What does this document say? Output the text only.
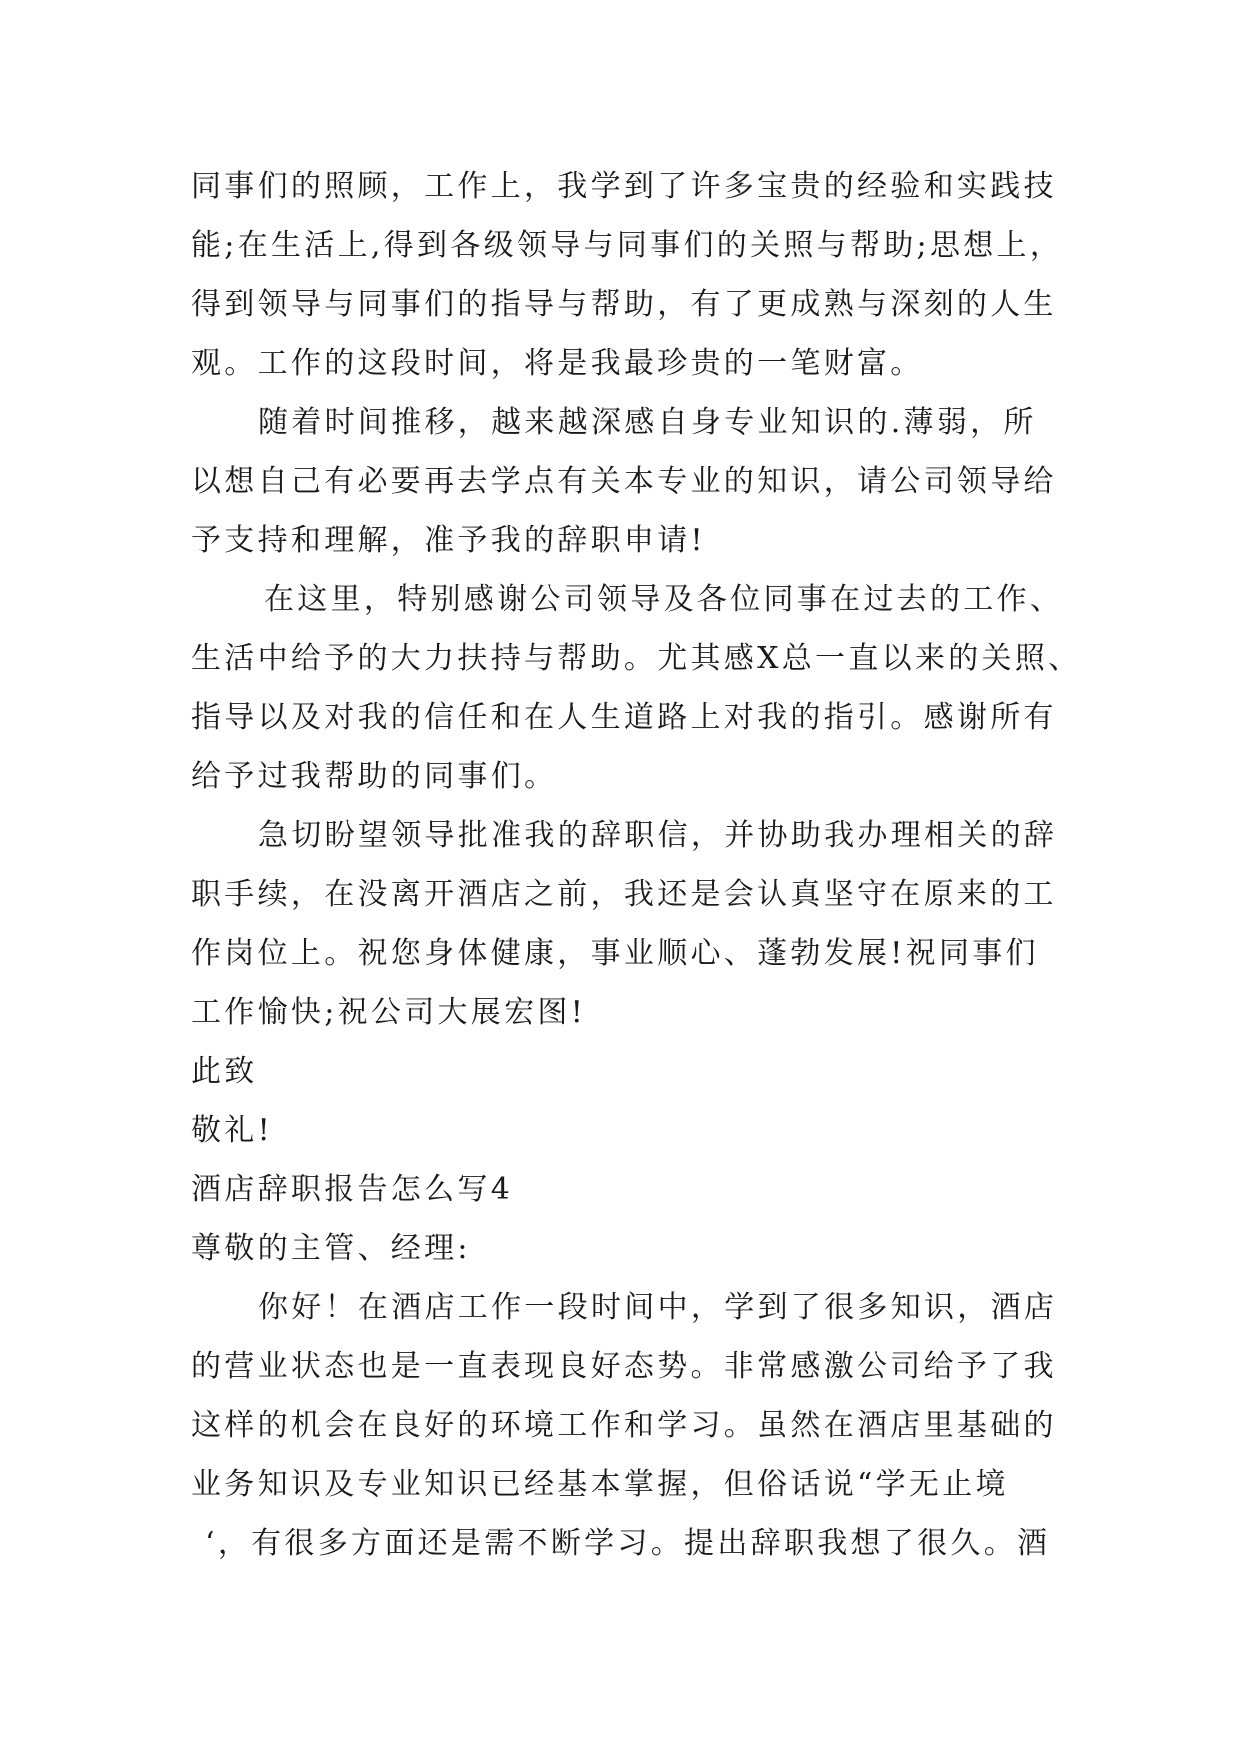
同事们的照顾，工作上，我学到了许多宝贵的经验和实践技
能;在生活上,得到各级领导与同事们的关照与帮助;思想上，
得到领导与同事们的指导与帮助，有了更成熟与深刻的人生
观。工作的这段时间，将是我最珍贵的一笔财富。
随着时间推移，越来越深感自身专业知识的.薄弱，所
以想自己有必要再去学点有关本专业的知识，请公司领导给
予支持和理解，准予我的辞职申请!
在这里，特别感谢公司领导及各位同事在过去的工作、
生活中给予的大力扶持与帮助。尤其感X总一直以来的关照、
指导以及对我的信任和在人生道路上对我的指引。感谢所有
给予过我帮助的同事们。
急切盼望领导批准我的辞职信，并协助我办理相关的辞
职手续，在没离开酒店之前，我还是会认真坚守在原来的工
作岗位上。祝您身体健康，事业顺心、蓬勃发展!祝同事们
工作愉快;祝公司大展宏图!
此致
敬礼!
酒店辞职报告怎么写4
尊敬的主管、经理:
你好！在酒店工作一段时间中，学到了很多知识，酒店
的营业状态也是一直表现良好态势。非常感激公司给予了我
这样的机会在良好的环境工作和学习。虽然在酒店里基础的
业务知识及专业知识已经基本掌握，但俗话说“学无止境
‘，有很多方面还是需不断学习。提出辞职我想了很久。酒
